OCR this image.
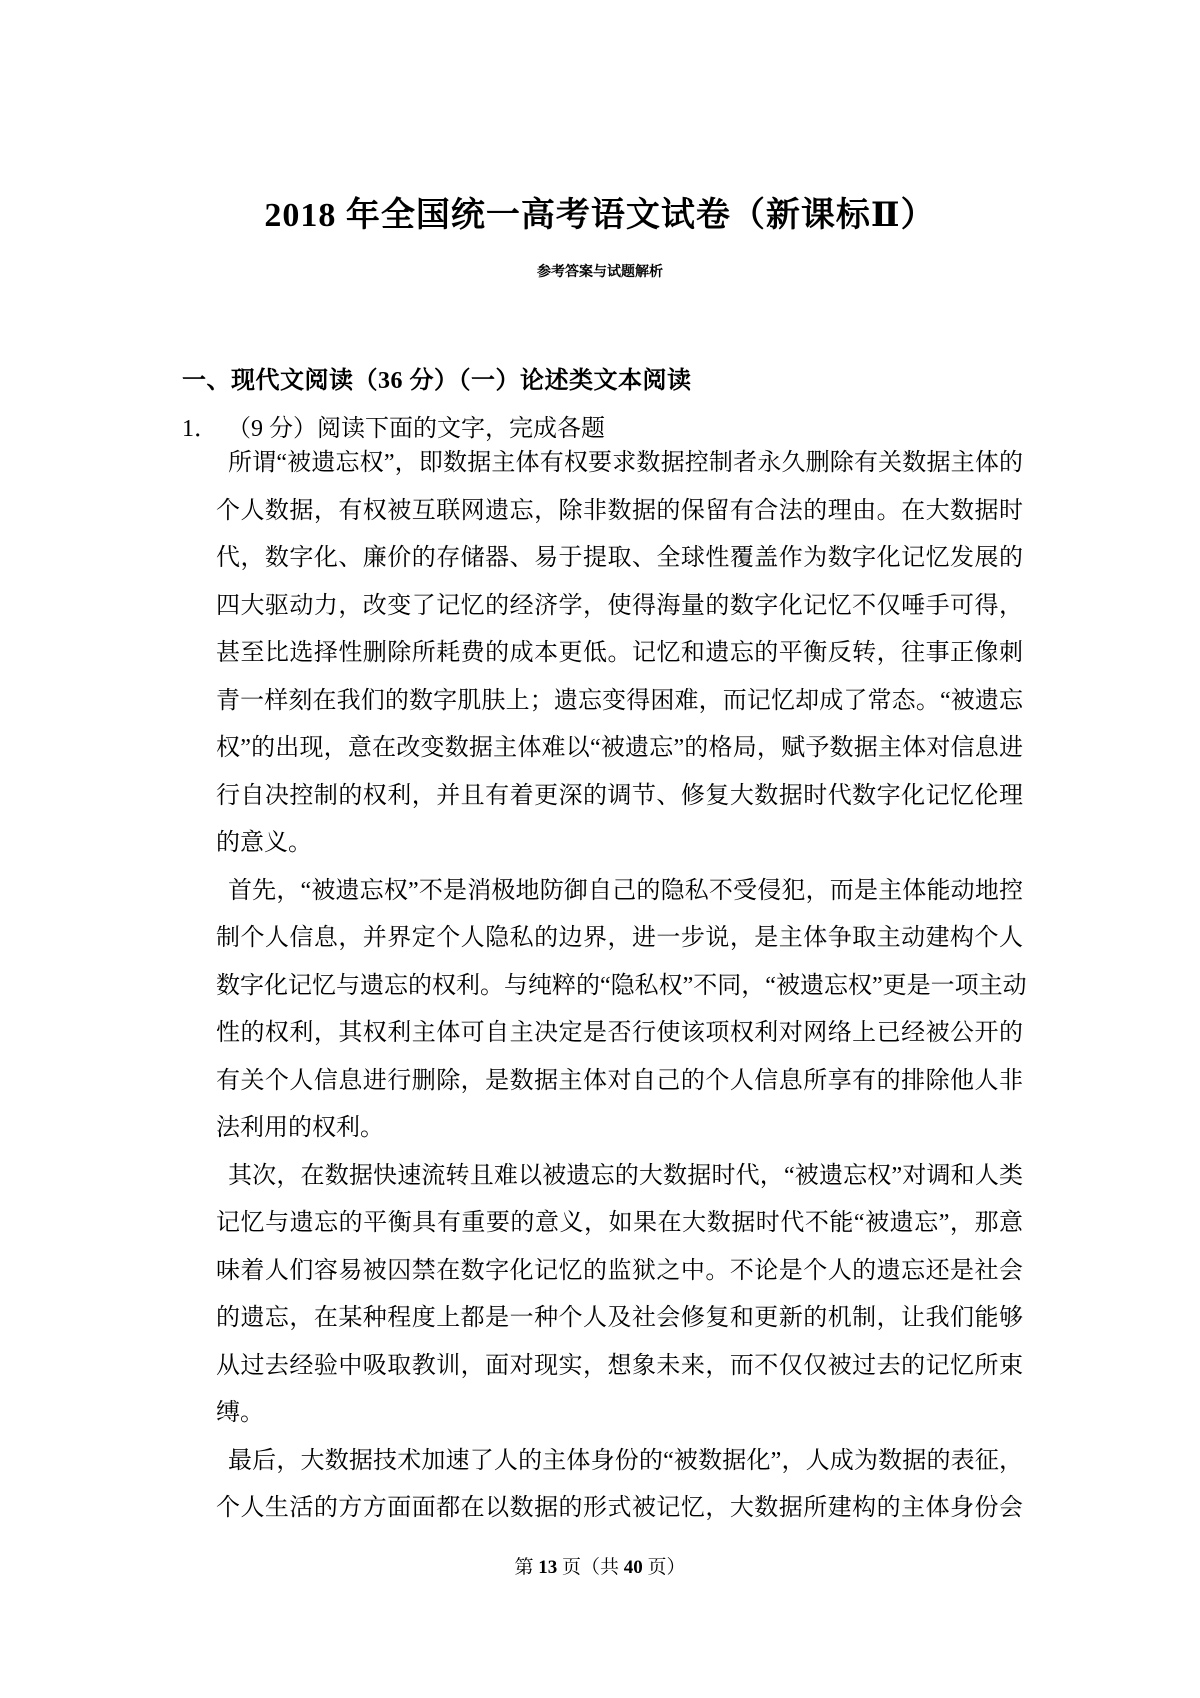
2018 年全国统一高考语文试卷（新课标Ⅱ）
参考答案与试题解析
一、现代文阅读（36 分）（一）论述类文本阅读
1． （9 分）阅读下面的文字，完成各题
所谓“被遗忘权”，即数据主体有权要求数据控制者永久删除有关数据主体的
个人数据，有权被互联网遗忘，除非数据的保留有合法的理由。在大数据时
代，数字化、廉价的存储器、易于提取、全球性覆盖作为数字化记忆发展的
四大驱动力，改变了记忆的经济学，使得海量的数字化记忆不仅唾手可得，
甚至比选择性删除所耗费的成本更低。记忆和遗忘的平衡反转，往事正像刺
青一样刻在我们的数字肌肤上；遗忘变得困难，而记忆却成了常态。“被遗忘
权”的出现，意在改变数据主体难以“被遗忘”的格局，赋予数据主体对信息进
行自决控制的权利，并且有着更深的调节、修复大数据时代数字化记忆伦理
的意义。
首先，“被遗忘权”不是消极地防御自己的隐私不受侵犯，而是主体能动地控
制个人信息，并界定个人隐私的边界，进一步说，是主体争取主动建构个人
数字化记忆与遗忘的权利。与纯粹的“隐私权”不同，“被遗忘权”更是一项主动
性的权利，其权利主体可自主决定是否行使该项权利对网络上已经被公开的
有关个人信息进行删除，是数据主体对自己的个人信息所享有的排除他人非
法利用的权利。
其次，在数据快速流转且难以被遗忘的大数据时代，“被遗忘权”对调和人类
记忆与遗忘的平衡具有重要的意义，如果在大数据时代不能“被遗忘”，那意
味着人们容易被囚禁在数字化记忆的监狱之中。不论是个人的遗忘还是社会
的遗忘，在某种程度上都是一种个人及社会修复和更新的机制，让我们能够
从过去经验中吸取教训，面对现实，想象未来，而不仅仅被过去的记忆所束
缚。
最后，大数据技术加速了人的主体身份的“被数据化”，人成为数据的表征，
个人生活的方方面面都在以数据的形式被记忆，大数据所建构的主体身份会
第 13 页（共 40 页）
